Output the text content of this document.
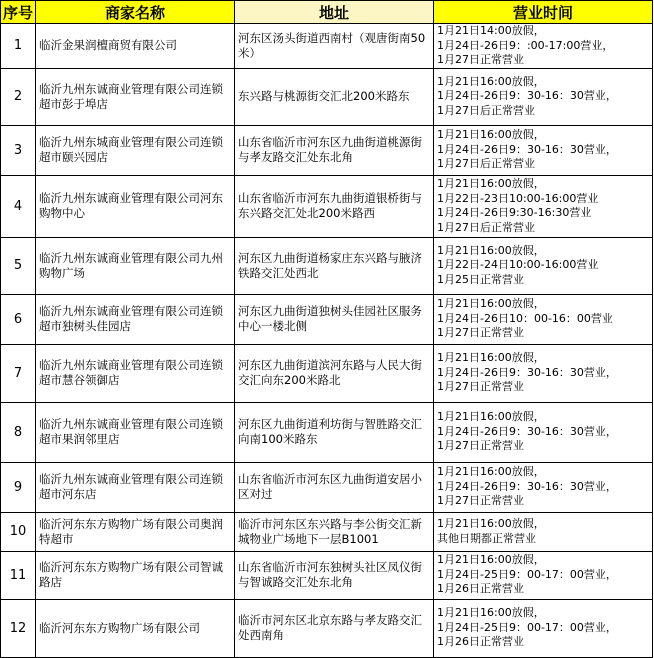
序号	商家名称	地址	营业时间
1	临沂金果润檀商贸有限公司	河东区汤头街道西南村（观唐街南50米）	1月21日14:00放假，
1月24日-26日9：:00-17:00营业，
1月27日正常营业

2	临沂九州东诚商业管理有限公司连锁超市彭于埠店	东兴路与桃源街交汇北200米路东	1月21日16:00放假，
1月24日-26日9：30-16：30营业，
1月27日后正常营业

3	临沂九州东城商业管理有限公司连锁超市颐兴园店	山东省临沂市河东区九曲街道桃源街与孝友路交汇处东北角	1月21日16:00放假，
1月24日-26日9：30-16：30营业，
1月27日后正常营业

4	临沂九州东诚商业管理有限公司河东购物中心	山东省临沂市河东九曲街道银桥街与东兴路交汇处北200米路西	1月21日16:00放假，
1月22日-23日10:00-16:00营业
1月24日-26日9:30-16:30营业
1月27日后正常营业

5	临沂九州东诚商业管理有限公司九州购物广场	河东区九曲街道杨家庄东兴路与腋济铁路交汇处西北	1月21日16:00放假，
1月22日-24日10:00-16:00营业
1月25日正常营业

6	临沂九州东诚商业管理有限公司连锁超市独树头佳园店	河东区九曲街道独树头佳园社区服务中心一楼北侧	1月21日16:00放假，
1月24日-26日10：00-16：00营业
1月27日正常营业

7	临沂九州东诚商业管理有限公司连锁超市慧谷领御店	河东区九曲街道滨河东路与人民大街交汇向东200米路北	1月21日16:00放假，
1月24日-26日9：30-16：30营业，
1月27日正常营业

8	临沂九州东诚商业管理有限公司连锁超市果润邻里店	河东区九曲街道利坊街与智胜路交汇向南100米路东	1月21日16:00放假，
1月24日-26日9：30-16：30营业，
1月27日正常营业

9	临沂九州东诚商业管理有限公司连锁超市河东店	山东省临沂市河东区九曲街道安居小区对过	1月21日16:00放假，
1月24日-26日9：30-16：30营业，
1月27日正常营业

10	临沂河东东方购物广场有限公司奥润特超市	临沂市河东区东兴路与李公街交汇新城物业广场地下一层B1001	1月21日16:00放假，
其他日期都正常营业

11	临沂河东东方购物广场有限公司智诚路店	山东省临沂市河东独树头社区凤仪街与智诚路交汇处东北角	1月21日16:00放假，
1月24日-25日9：00-17：00营业，
1月26日正常营业

12	临沂河东东方购物广场有限公司	临沂市河东区北京东路与孝友路交汇处西南角	1月21日16:00放假，
1月24日-25日9：00-17：00营业，
1月26日正常营业
